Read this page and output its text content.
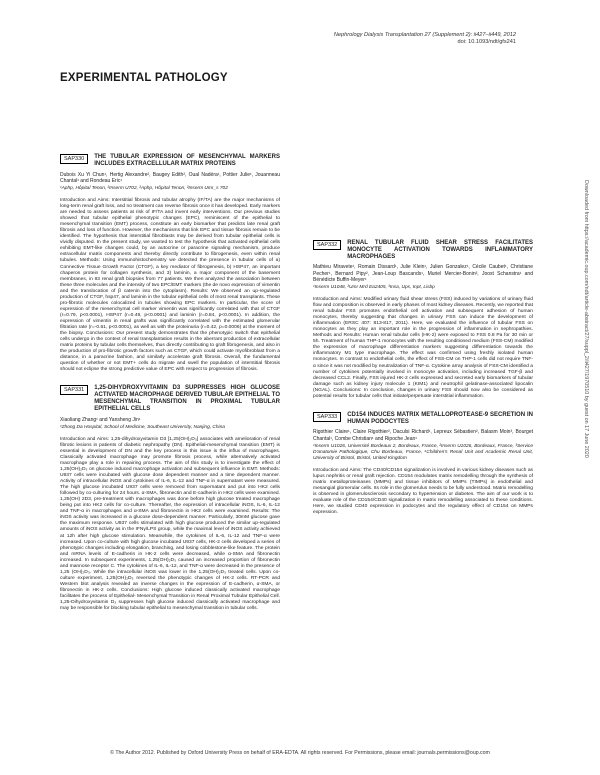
Nephrology Dialysis Transplantation 27 (Supplement 2): ii427–ii449, 2012
doi: 10.1093/ndt/gfs241
EXPERIMENTAL PATHOLOGY
SAP330	THE TUBULAR EXPRESSION OF MESENCHYMAL MARKERS INCLUDES EXTRACELLULAR MATRIX PROTEINS
Dubois Xu Yi Chun¹, Hertig Alexandre², Baugey Edith², Oual Nadéra¹, Pottier Julie¹, Jouanneau Chantal¹ and Rondeau Eric¹
¹Aphp, Hôpital Tenon, ²Inserm U702, ²Aphp, Hôpital Tenon, ²Inserm Umr_s 702

Introduction and Aims: Interstitial fibrosis and tubular atrophy (IF/TA) are the major mechanisms of long-term renal graft loss, and no treatment can reverse fibrosis once it has developed. Early markers are needed to assess patients at risk of IF/TA and invent early interventions. Our previous studies showed that tubular epithelial phenotypic changes (EPC), reminiscent of the epithelial to mesenchymal transition (EMT) process, constitute an early biomarker that predicts late renal graft fibrosis and loss of function. However, the mechanisms that link EPC and tissue fibrosis remain to be identified. The hypothesis that interstitial fibroblasts may be derived from tubular epithelial cells is vividly disputed. In the present study, we wanted to test the hypothesis that activated epithelial cells exhibiting EMT-like changes could, by an autocrine or paracrine signaling mechanism, produce extracellular matrix components and thereby directly contribute to fibrogenesis, even within renal tubules. Methods: Using immunohistochemistry we detected the presence in tubular cells of a) Connective Tissue Growth Factor (CTGF), a key mediator of fibrogenesis, b) HSP47, an important chaperon protein for collagen synthesis, and 3) laminin, a major component of the basement membranes, in 93 renal graft biopsies from 77 patients. We then analyzed the association between these three molecules and the intensity of two EPC/EMT markers (the de novo expression of vimentin and the translocation of β catenin into the cytoplasm). Results: We observed an up-regulated production of CTGF, hsp47, and laminin in the tubular epithelial cells of most renal transplants. These pro-fibrotic molecules colocalized in tubules showing EPC markers. In particular, the score of expression of the mesenchymal cell marker vimentin was significantly correlated with that of CTGF (r=0.79, p<0.0001), HSP47 (r=0.49, p<0.0001) and laminin (r=0.84, p<0.0001). In addition, the expression of vimentin in renal grafts was significantly correlated with the estimated glomerular filtration rate (r=-0.61, p<0.0001), as well as with the proteinuria (r=0.42, p=0.0006) at the moment of the biopsy. Conclusions: Our present study demonstrates that the phenotypic switch that epithelial cells undergo in the context of renal transplantation results in the aberrant production of extracellular matrix proteins by tubular cells themselves, thus directly contributing to graft fibrogenesis, and also in the production of pro-fibrotic growth factors such as CTGF, which could activate myofibroblast from a distance, in a paracrine fashion, and similarly accelerate graft fibrosis. Overall, the fundamental question of whether or not EMT+ cells do migrate and swell the population of interstitial fibrosis should not eclipse the strong predictive value of EPC with respect to progression of fibrosis.

SAP331	1,25-DIHYDROXYVITAMIN D3 SUPPRESSES HIGH GLUCOSE ACTIVATED MACROPHAGE DERIVED TUBULAR EPITHELIAL TO MESENCHYMAL TRANSITION IN PROXIMAL TUBULAR EPITHELIAL CELLS
Xiaoliang Zhang¹ and Yansheng Jin¹
¹Zhong Da Hospital, School of Medicine, Southeast University, Nanjing, China

Introduction and Aims: 1,25-dihydroxyvitamin D3 [1,25(OH)₂D₃] associates with amelioration of renal fibrotic lesions in patients of diabetic nephropathy (DN). Epithelial-mesenchymal transition (EMT) is essential in development of DN and the key process in this issue is the influx of macrophages. Classically activated macrophage may promote fibrosis process, while alternatively activated macrophage play a role in repairing process. The aim of this study is to investigate the effect of 1,25(OH)₂D₃ on glucose induced macrophage activation and subsequent influence in EMT. Methods: U937 cells were incubated with glucose dose dependent manner and a time dependent manner. Activity of intracellular iNOS and cytokines of IL-6, IL-12 and TNF-α in supernatant were measured. The high glucose incubated U937 cells were removed from supernatant and put into HK2 cells followed by co-culturing for 24 hours. α-SMA, fibronectin and E-cadherin in HK2 cells were examined. 1,25(OH) 2D3, pre-treatment with macrophages was done before high glucose treated macrophage being put into HK2 cells for co-culture. Thereafter, the expression of intracellular iNOS, IL-6, IL-12 and TNF-α in macrophages and α-SMA and fibronectin in HK2 cells were examined. Results: The iNOS activity was increased in a glucose dose-dependent manner. Particularly, 30mM glucose gave the maximum response. U937 cells stimulated with high glucose produced the similar up-regulated amounts of iNOS activity as in the IFNγ/LPS group, while the maximal level of iNOS activity achieved at 12h after high glucose stimulation. Meanwhile, the cytokines of IL-6, IL-12 and TNF-α were increased. Upon co-culture with high glucose incubated U937 cells, HK-2 cells developed a series of phenotypic changes including elongation, branching, and losing cobblestone-like feature. The protein and mRNA levels of E-cadherin in HK-2 cells were decreased, while α-SMA and fibronectin increased. In subsequent experiments, 1,25(OH)₂D₃ caused an increased proportion of fibronectin and mannose receptor C. The cytokines of IL-6, IL-12, and TNF-α were decreased in the presence of 1,25 (OH)₂D₃. While the intracellular iNOS was lower in the 1,25(OH)₂D₃ treated cells. Upon co-culture experiment, 1,25(OH)₂D₃ reversed the phenotypic changes of HK-2 cells. RT-PCR and Western blot analysis revealed an inverse changes in the expression of E-cadherin, α-SMA, or fibronectin in HK-2 cells. Conclusions: High glucose induced classically activated macrophage facilitates the process of Epithelial- Mesenchymal Transition in Renal Proximal Tubular Epithelial Cell. 1,25-Dihydroxyvitamin D₃ suppresses high glucose induced classically activated macrophage and may be responsible for blocking tubular epithelial to mesenchymal transition in tubular cells.

SAP332	RENAL TUBULAR FLUID SHEAR STRESS FACILITATES MONOCYTE ACTIVATION TOWARDS INFLAMMATORY MACROPHAGES
Mathieu Miravete¹, Romain Dissard¹, Julie Klein¹, Julien Gonzalez¹, Cécile Caubet¹, Christiane Pecher¹, Bernard Pipy², Jean-Loup Bascands¹, Muriel Mercier-Bonin³, Joost Schanstra¹ and Bénédicte Buffin-Meyer¹
¹Inserm U1048, ²Umr Mrd Ea2405, ³Insa, Ups, Inpt, Lisbp

Introduction and Aims: Modified urinary fluid shear stress (FSS) induced by variations of urinary fluid flow and composition is observed in early phases of most kidney diseases. Recently, we reported that renal tubular FSS promotes endothelial cell activation and subsequent adhesion of human monocytes, thereby suggesting that changes in urinary FSS can induce the development of inflammation (ERSC 407: 813-817, 2011). Here, we evaluated the influence of tubular FSS on monocytes as they play an important role in the progression of inflammation in nephropathies. Methods and Results: Human renal tubular cells (HK-2) were exposed to FSS 0.8 Pa for 30 min or 5h. Treatment of human THP-1 monocytes with the resulting conditioned medium (FSS-CM) modified the expression of macrophage differentiation markers suggesting differentiation towards the inflammatory M1 type macrophage. The effect was confirmed using freshly isolated human monocytes. In contrast to endothelial cells, the effect of FSS-CM on THP-1 cells did not require TNF-α since it was not modified by neutralization of TNF-α. Cytokine array analysis of FSS-CM identified a number of cytokines potentially involved in monocyte activation, including increased TGF-β and decreased CCL2. Finally, FSS injured HK-2 cells expressed and secreted early biomarkers of tubular damage such as kidney injury molecule 1 (KIM1) and neutrophil gelatinase-associated lipocalin (NGAL). Conclusions: In conclusion, changes in urinary FSS should now also be considered as potential results for tubular cells that initiate/perpetuate interstitial inflammation.

SAP333	CD154 INDUCES MATRIX METALLOPROTEASE-9 SECRETION IN HUMAN PODOCYTES
Rigothier Claire¹, Claire Rigothier², Daculsi Richard¹, Lepreux Sébastien², Balasm Moin³, Bourget Chantal¹, Combe Christian¹ and Ripoche Jean¹
¹Inserm U1026, Université Bordeaux 2, Bordeaux, France, ²Inserm U1026, Bordeaux, France, ³Service D'anatomie Pathologique, Chu Bordeaux, France, ⁴Children's Renal Unit and Academic Renal Unit, University of Bristol, Bristol, United Kingdom

Introduction and Aims: The CD40/CD154 signalization is involved in various kidney diseases such as lupus nephritis or renal graft rejection. CD154 modulates matrix remodelling through the synthesis of matrix metalloproteinases (MMPs) and tissue inhibitors of MMPs (TIMPs) in endothelial and mesangial glomerular cells. Its role in the glomerulus needs to be fully understood. Matrix remodelling is observed in glomerulosclerosis secondary to hypertension or diabetes. The aim of our work is to evaluate role of the CD154/CD40 signalization in matrix remodelling associated to these conditions. Here, we studied CD40 expression in podocytes and the regulatory effect of CD154 on MMPs expression.

© The Author 2012. Published by Oxford University Press on behalf of ERA-EDTA. All rights reserved. For Permissions, please email: journals.permissions@oup.com
Downloaded from https://academic.oup.com/ndt/article-abstract/27/suppl_2/ii427/1970510 by guest on 17 June 2020
